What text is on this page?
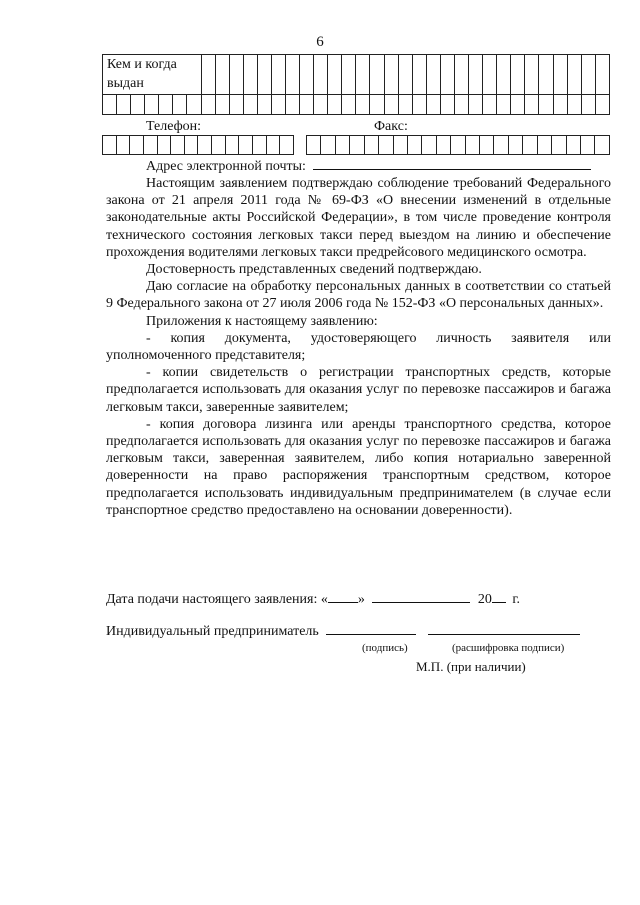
6
Кем и когда
выдан																																			

Телефон:	Факс:

Адрес электронной почты:

Настоящим заявлением подтверждаю соблюдение требований Федерального закона от 21 апреля 2011 года № 69-ФЗ «О внесении изменений в отдельные законодательные акты Российской Федерации», в том числе проведение контроля технического состояния легковых такси перед выездом на линию и обеспечение прохождения водителями легковых такси предрейсового медицинского осмотра.

Достоверность представленных сведений подтверждаю.

Даю согласие на обработку персональных данных в соответствии со статьей 9 Федерального закона от 27 июля 2006 года № 152-ФЗ «О персональных данных».

Приложения к настоящему заявлению:

- копия документа, удостоверяющего личность заявителя или уполномоченного представителя;

- копии свидетельств о регистрации транспортных средств, которые предполагается использовать для оказания услуг по перевозке пассажиров и багажа легковым такси, заверенные заявителем;

- копия договора лизинга или аренды транспортного средства, которое предполагается использовать для оказания услуг по перевозке пассажиров и багажа легковым такси, заверенная заявителем, либо копия нотариально заверенной доверенности на право распоряжения транспортным средством, которое предполагается использовать индивидуальным предпринимателем (в случае если транспортное средство предоставлено на основании доверенности).

Дата подачи настоящего заявления: « »	20 г.
Индивидуальный предприниматель
(подпись)	(расшифровка подписи)
М.П. (при наличии)
